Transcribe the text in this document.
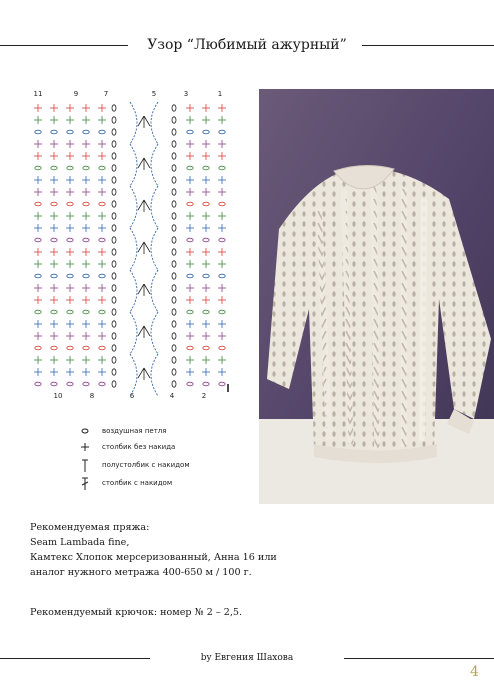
Узор “Любимый ажурный”
11	9	7	5	3	1
10	8	6	4	2
воздушная петля
столбик без накида
полустолбик с накидом
столбик с накидом
Рекомендуемая пряжа:
Seam Lambada fine,
Камтекс Хлопок мерсеризованный, Анна 16 или
аналог нужного метража 400-650 м / 100 г.
Рекомендуемый крючок: номер № 2 – 2,5.
by Евгения Шахова
4
